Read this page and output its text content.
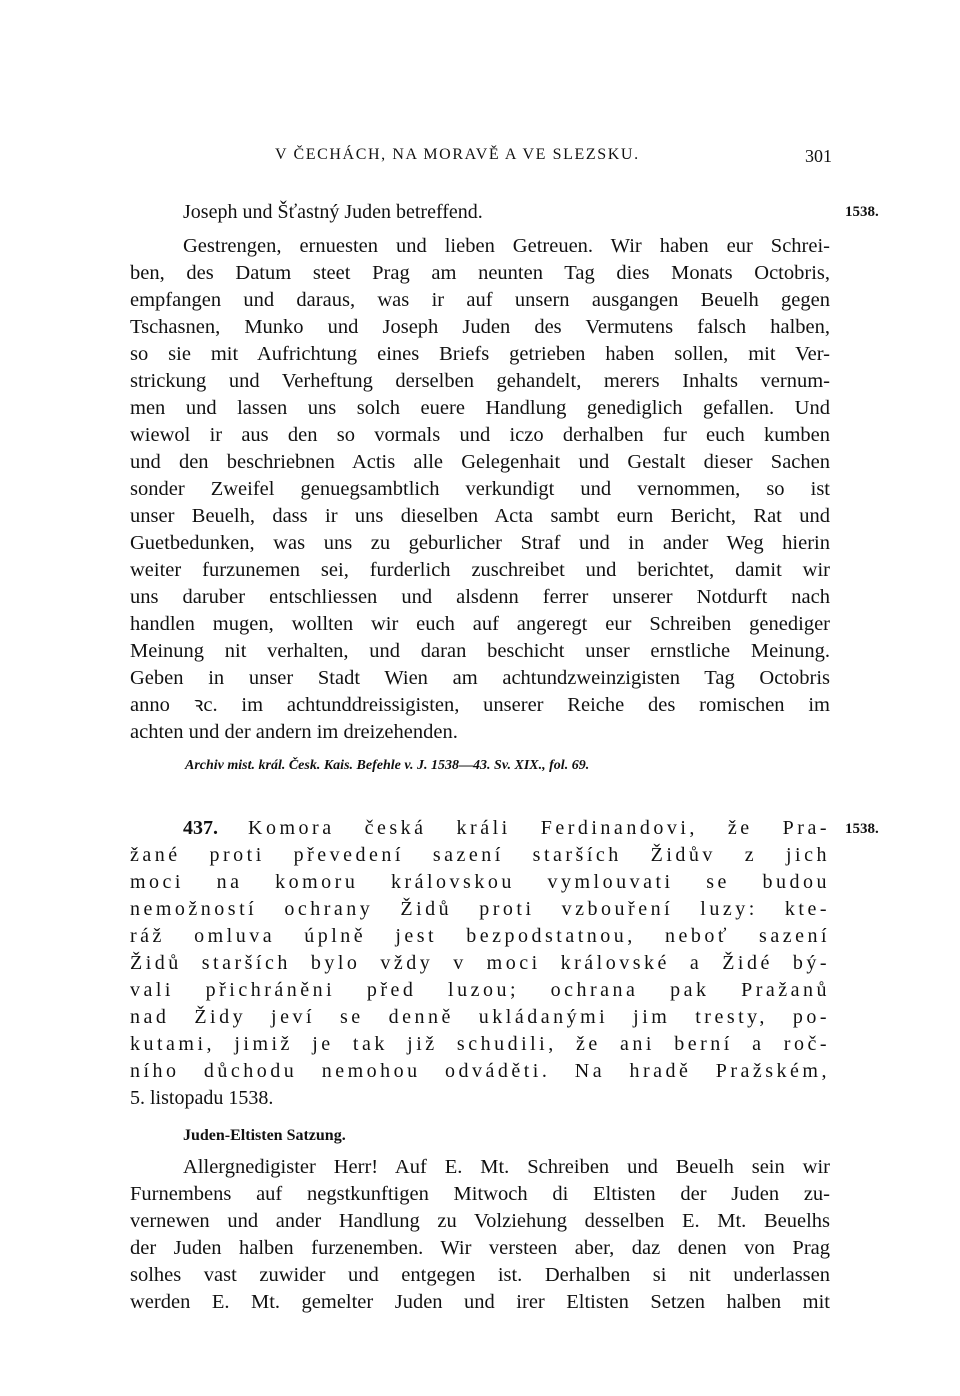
V ČECHÁCH, NA MORAVĚ A VE SLEZSKU.	301
Joseph und Šťastný Juden betreffend.	1538.
Gestrengen, ernuesten und lieben Getreuen. Wir haben eur Schrei-
ben, des Datum steet Prag am neunten Tag dies Monats Octobris,
empfangen und daraus, was ir auf unsern ausgangen Beuelh gegen
Tschasnen, Munko und Joseph Juden des Vermutens falsch halben,
so sie mit Aufrichtung eines Briefs getrieben haben sollen, mit Ver-
strickung und Verheftung derselben gehandelt, merers Inhalts vernum-
men und lassen uns solch euere Handlung genediglich gefallen. Und
wiewol ir aus den so vormals und iczo derhalben fur euch kumben
und den beschriebnen Actis alle Gelegenhait und Gestalt dieser Sachen
sonder Zweifel genuegsambtlich verkundigt und vernommen, so ist
unser Beuelh, dass ir uns dieselben Acta sambt eurn Bericht, Rat und
Guetbedunken, was uns zu geburlicher Straf und in ander Weg hierin
weiter furzunemen sei, furderlich zuschreibet und berichtet, damit wir
uns daruber entschliessen und alsdenn ferrer unserer Notdurft nach
handlen mugen, wollten wir euch auf angeregt eur Schreiben genediger
Meinung nit verhalten, und daran beschicht unser ernstliche Meinung.
Geben in unser Stadt Wien am achtundzweinzigisten Tag Octobris
anno ꝛc. im achtunddreissigisten, unserer Reiche des romischen im
achten und der andern im dreizehenden.
Archiv mist. král. Česk. Kais. Befehle v. J. 1538—43. Sv. XIX., fol. 69.
437. Komora česká králi Ferdinandovi, že Pra-
žané proti převedení sazení starších Židův z jich
moci na komoru královskou vymlouvati se budou
nemožností ochrany Židů proti vzbouření luzy: kte-
ráž omluva úplně jest bezpodstatnou, neboť sazení
Židů starších bylo vždy v moci královské a Židé bý-
vali přichráněni před luzou; ochrana pak Pražanů
nad Židy jeví se denně ukládanými jim tresty, po-
kutami, jimiž je tak již schudili, že ani berní a roč-
ního důchodu nemohou odváděti. Na hradě Pražském,
5. listopadu 1538.
1538.
Juden-Eltisten Satzung.
Allergnedigister Herr! Auf E. Mt. Schreiben und Beuelh sein wir
Furnembens auf negstkunftigen Mitwoch di Eltisten der Juden zu-
vernewen und ander Handlung zu Volziehung desselben E. Mt. Beuelhs
der Juden halben furzenemben. Wir versteen aber, daz denen von Prag
solhes vast zuwider und entgegen ist. Derhalben si nit underlassen
werden E. Mt. gemelter Juden und irer Eltisten Setzen halben mit
